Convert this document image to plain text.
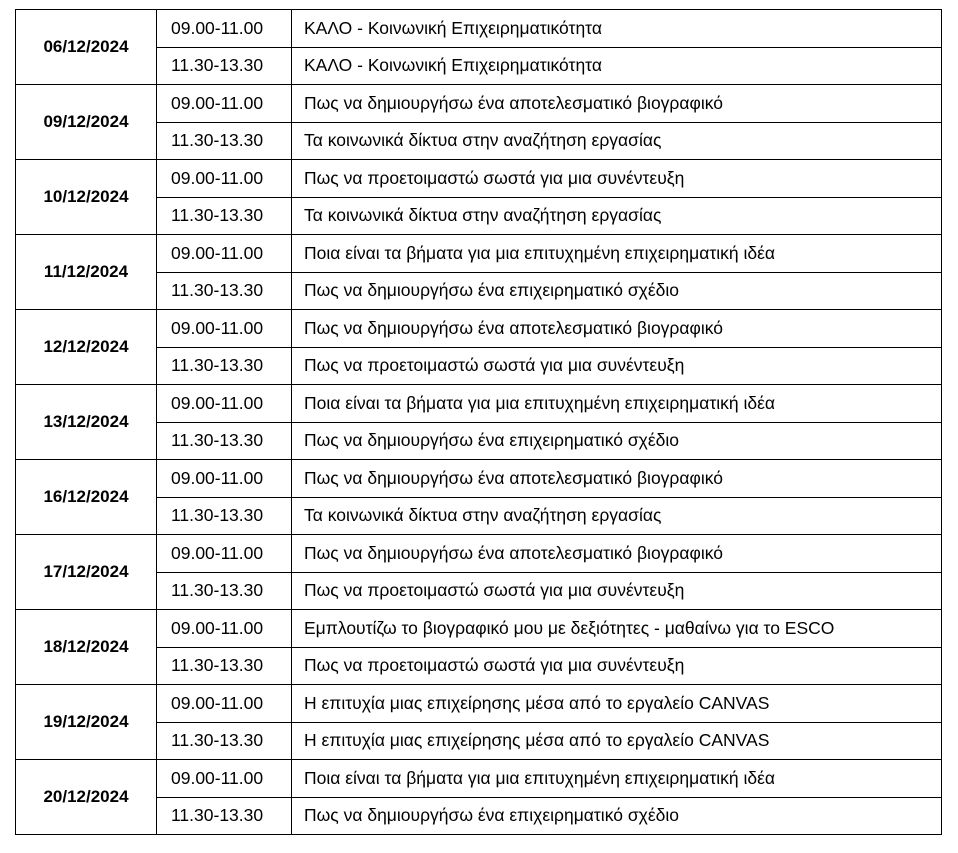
06/12/2024	09.00-11.00	ΚΑΛΟ - Κοινωνική Επιχειρηματικότητα
	11.30-13.30	ΚΑΛΟ - Κοινωνική Επιχειρηματικότητα
09/12/2024	09.00-11.00	Πως να δημιουργήσω ένα αποτελεσματικό βιογραφικό
	11.30-13.30	Τα κοινωνικά δίκτυα στην αναζήτηση εργασίας
10/12/2024	09.00-11.00	Πως να προετοιμαστώ σωστά για μια συνέντευξη
	11.30-13.30	Τα κοινωνικά δίκτυα στην αναζήτηση εργασίας
11/12/2024	09.00-11.00	Ποια είναι τα βήματα για μια επιτυχημένη επιχειρηματική ιδέα
	11.30-13.30	Πως να δημιουργήσω ένα επιχειρηματικό σχέδιο
12/12/2024	09.00-11.00	Πως να δημιουργήσω ένα αποτελεσματικό βιογραφικό
	11.30-13.30	Πως να προετοιμαστώ σωστά για μια συνέντευξη
13/12/2024	09.00-11.00	Ποια είναι τα βήματα για μια επιτυχημένη επιχειρηματική ιδέα
	11.30-13.30	Πως να δημιουργήσω ένα επιχειρηματικό σχέδιο
16/12/2024	09.00-11.00	Πως να δημιουργήσω ένα αποτελεσματικό βιογραφικό
	11.30-13.30	Τα κοινωνικά δίκτυα στην αναζήτηση εργασίας
17/12/2024	09.00-11.00	Πως να δημιουργήσω ένα αποτελεσματικό βιογραφικό
	11.30-13.30	Πως να προετοιμαστώ σωστά για μια συνέντευξη
18/12/2024	09.00-11.00	Εμπλουτίζω το βιογραφικό μου με δεξιότητες - μαθαίνω για το ESCO
	11.30-13.30	Πως να προετοιμαστώ σωστά για μια συνέντευξη
19/12/2024	09.00-11.00	Η επιτυχία μιας επιχείρησης μέσα από το εργαλείο CANVAS
	11.30-13.30	Η επιτυχία μιας επιχείρησης μέσα από το εργαλείο CANVAS
20/12/2024	09.00-11.00	Ποια είναι τα βήματα για μια επιτυχημένη επιχειρηματική ιδέα
	11.30-13.30	Πως να δημιουργήσω ένα επιχειρηματικό σχέδιο
